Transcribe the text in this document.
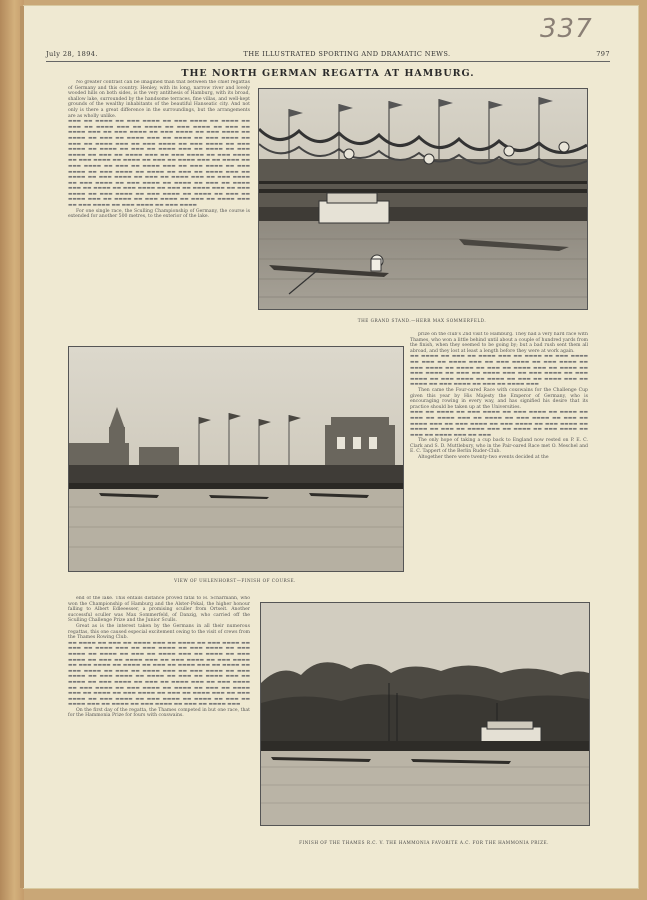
337
July 28, 1894.	THE ILLUSTRATED SPORTING AND DRAMATIC NEWS.	797
THE NORTH GERMAN REGATTA AT HAMBURG.

No greater contrast can be imagined than that between the chief regattas of Germany and this country. Henley, with its long, narrow river and lovely wooded hills on both sides, is the very antithesis of Hamburg, with its broad, shallow lake, surrounded by the handsome terraces, fine villas, and well-kept grounds of the wealthy inhabitants of the beautiful Hanseatic city. And not only is there a great difference in the surroundings, but the arrangements are as wholly unlike.

▬▬▬ ▬▬ ▬▬▬▬ ▬▬ ▬▬▬ ▬▬▬▬ ▬▬ ▬▬▬ ▬▬▬▬ ▬▬ ▬▬▬▬ ▬▬ ▬▬▬ ▬▬ ▬▬▬▬ ▬▬▬ ▬▬ ▬▬▬▬ ▬▬ ▬▬▬ ▬▬▬▬ ▬▬ ▬▬▬ ▬▬ ▬▬▬▬ ▬▬▬ ▬▬ ▬▬▬ ▬▬▬▬ ▬▬ ▬▬▬ ▬▬▬▬ ▬▬ ▬▬▬ ▬▬▬▬ ▬▬ ▬▬▬▬ ▬▬ ▬▬▬ ▬▬ ▬▬▬▬ ▬▬▬ ▬▬ ▬▬▬▬ ▬▬ ▬▬▬ ▬▬▬▬ ▬▬ ▬▬▬ ▬▬ ▬▬▬▬ ▬▬▬ ▬▬ ▬▬▬ ▬▬▬▬ ▬▬ ▬▬▬ ▬▬▬▬ ▬▬ ▬▬▬ ▬▬▬▬ ▬▬ ▬▬▬▬ ▬▬ ▬▬▬ ▬▬ ▬▬▬▬ ▬▬▬ ▬▬ ▬▬▬▬ ▬▬ ▬▬▬ ▬▬▬▬ ▬▬ ▬▬▬ ▬▬ ▬▬▬▬ ▬▬▬ ▬▬ ▬▬▬ ▬▬▬▬ ▬▬ ▬▬▬ ▬▬▬▬ ▬▬ ▬▬▬ ▬▬▬▬ ▬▬ ▬▬▬▬ ▬▬ ▬▬▬ ▬▬ ▬▬▬▬ ▬▬▬ ▬▬ ▬▬▬▬ ▬▬ ▬▬▬ ▬▬▬▬ ▬▬ ▬▬▬ ▬▬ ▬▬▬▬ ▬▬▬ ▬▬ ▬▬▬ ▬▬▬▬ ▬▬ ▬▬▬ ▬▬▬▬ ▬▬ ▬▬▬ ▬▬▬▬ ▬▬ ▬▬▬▬ ▬▬ ▬▬▬ ▬▬ ▬▬▬▬ ▬▬▬ ▬▬ ▬▬▬▬ ▬▬ ▬▬▬ ▬▬▬▬ ▬▬ ▬▬▬ ▬▬ ▬▬▬▬ ▬▬▬ ▬▬ ▬▬▬ ▬▬▬▬ ▬▬ ▬▬▬ ▬▬▬▬ ▬▬ ▬▬▬ ▬▬▬▬ ▬▬ ▬▬▬▬ ▬▬ ▬▬▬ ▬▬ ▬▬▬▬ ▬▬▬ ▬▬ ▬▬▬▬ ▬▬ ▬▬▬ ▬▬▬▬ ▬▬ ▬▬▬ ▬▬ ▬▬▬▬ ▬▬▬ ▬▬ ▬▬▬ ▬▬▬▬ ▬▬ ▬▬▬ ▬▬▬▬ ▬▬ ▬▬▬ ▬▬▬▬ ▬▬ ▬▬▬▬ ▬▬ ▬▬▬ ▬▬ ▬▬▬▬ ▬▬▬ ▬▬ ▬▬▬▬ ▬▬ ▬▬▬ ▬▬▬▬ ▬▬ ▬▬▬ ▬▬ ▬▬▬▬ ▬▬▬ ▬▬ ▬▬▬ ▬▬▬▬ ▬▬ ▬▬▬ ▬▬▬▬ ▬▬ ▬▬▬ ▬▬▬▬

For one single race, the Sculling Championship of Germany, the course is extended for another 500 metres, to the exterior of the lake.

THE GRAND STAND.—HERR MAX SOMMERFELD.
VIEW OF UHLENHORST—FINISH OF COURSE.

prize on the club's 2nd visit to Hamburg. They had a very hard race with Thames, who won a little behind until about a couple of hundred yards from the finish, when they seemed to be going by; but a bad rush sent them all abroad, and they lost at least a length before they were at work again.

▬▬ ▬▬▬▬ ▬▬ ▬▬▬ ▬▬ ▬▬▬▬ ▬▬▬ ▬▬ ▬▬▬▬ ▬▬ ▬▬▬ ▬▬▬▬ ▬▬ ▬▬▬ ▬▬ ▬▬▬▬ ▬▬▬ ▬▬ ▬▬▬ ▬▬▬▬ ▬▬ ▬▬▬ ▬▬▬▬ ▬▬ ▬▬▬ ▬▬▬▬ ▬▬ ▬▬▬▬ ▬▬ ▬▬▬ ▬▬ ▬▬▬▬ ▬▬▬ ▬▬ ▬▬▬▬ ▬▬ ▬▬▬ ▬▬▬▬ ▬▬ ▬▬▬ ▬▬ ▬▬▬▬ ▬▬▬ ▬▬ ▬▬▬ ▬▬▬▬ ▬▬ ▬▬▬ ▬▬▬▬ ▬▬ ▬▬▬ ▬▬▬▬ ▬▬ ▬▬▬▬ ▬▬ ▬▬▬ ▬▬ ▬▬▬▬ ▬▬▬ ▬▬ ▬▬▬▬ ▬▬ ▬▬▬ ▬▬▬▬ ▬▬ ▬▬▬ ▬▬ ▬▬▬▬ ▬▬▬

Then came the Four-oared Race with coxswains for the Challenge Cup given this year by His Majesty the Emperor of Germany, who is encouraging rowing in every way, and has signified his desire that its practice should be taken up at the Universities.

▬▬▬ ▬▬ ▬▬▬▬ ▬▬ ▬▬▬ ▬▬▬▬ ▬▬ ▬▬▬ ▬▬▬▬ ▬▬ ▬▬▬▬ ▬▬ ▬▬▬ ▬▬ ▬▬▬▬ ▬▬▬ ▬▬ ▬▬▬▬ ▬▬ ▬▬▬ ▬▬▬▬ ▬▬ ▬▬▬ ▬▬ ▬▬▬▬ ▬▬▬ ▬▬ ▬▬▬ ▬▬▬▬ ▬▬ ▬▬▬ ▬▬▬▬ ▬▬ ▬▬▬ ▬▬▬▬ ▬▬ ▬▬▬▬ ▬▬ ▬▬▬ ▬▬ ▬▬▬▬ ▬▬▬ ▬▬ ▬▬▬▬ ▬▬ ▬▬▬ ▬▬▬▬ ▬▬ ▬▬▬ ▬▬ ▬▬▬▬ ▬▬▬ ▬▬ ▬▬▬

The only hope of taking a cup back to England now rested on P. E. C. Clark and S. D. Muttlebury, who in the Pair-oared Race met O. Meschel and E. C. Tappert of the Berlin Ruder-Club.

Altogether there were twenty-two events decided at the

end of the lake. This entails distance proved fatal to H. Scharmann, who won the Championship of Hamburg and the Alster-Pokal, the higher honour falling to Albert Edleeesser, a promising sculler from Ortseit. Another successful sculler was Max Sommerfeld, of Danzig, who carried off the Sculling Challenge Prize and the Junior Sculls.

Great as is the interest taken by the Germans in all their numerous regattas, this one caused especial excitement owing to the visit of crews from the Thames Rowing Club.

▬▬ ▬▬▬▬ ▬▬ ▬▬▬ ▬▬ ▬▬▬▬ ▬▬▬ ▬▬ ▬▬▬▬ ▬▬ ▬▬▬ ▬▬▬▬ ▬▬ ▬▬▬ ▬▬ ▬▬▬▬ ▬▬▬ ▬▬ ▬▬▬ ▬▬▬▬ ▬▬ ▬▬▬ ▬▬▬▬ ▬▬ ▬▬▬ ▬▬▬▬ ▬▬ ▬▬▬▬ ▬▬ ▬▬▬ ▬▬ ▬▬▬▬ ▬▬▬ ▬▬ ▬▬▬▬ ▬▬ ▬▬▬ ▬▬▬▬ ▬▬ ▬▬▬ ▬▬ ▬▬▬▬ ▬▬▬ ▬▬ ▬▬▬ ▬▬▬▬ ▬▬ ▬▬▬ ▬▬▬▬ ▬▬ ▬▬▬ ▬▬▬▬ ▬▬ ▬▬▬▬ ▬▬ ▬▬▬ ▬▬ ▬▬▬▬ ▬▬▬ ▬▬ ▬▬▬▬ ▬▬ ▬▬▬ ▬▬▬▬ ▬▬ ▬▬▬ ▬▬ ▬▬▬▬ ▬▬▬ ▬▬ ▬▬▬ ▬▬▬▬ ▬▬ ▬▬▬ ▬▬▬▬ ▬▬ ▬▬▬ ▬▬▬▬ ▬▬ ▬▬▬▬ ▬▬ ▬▬▬ ▬▬ ▬▬▬▬ ▬▬▬ ▬▬ ▬▬▬▬ ▬▬ ▬▬▬ ▬▬▬▬ ▬▬ ▬▬▬ ▬▬ ▬▬▬▬ ▬▬▬ ▬▬ ▬▬▬ ▬▬▬▬ ▬▬ ▬▬▬ ▬▬▬▬ ▬▬ ▬▬▬ ▬▬▬▬ ▬▬ ▬▬▬▬ ▬▬ ▬▬▬ ▬▬ ▬▬▬▬ ▬▬▬ ▬▬ ▬▬▬▬ ▬▬ ▬▬▬ ▬▬▬▬ ▬▬ ▬▬▬ ▬▬ ▬▬▬▬ ▬▬▬ ▬▬ ▬▬▬ ▬▬▬▬ ▬▬ ▬▬▬ ▬▬▬▬ ▬▬ ▬▬▬ ▬▬▬▬ ▬▬ ▬▬▬▬ ▬▬ ▬▬▬ ▬▬ ▬▬▬▬ ▬▬▬ ▬▬ ▬▬▬▬ ▬▬ ▬▬▬ ▬▬▬▬ ▬▬ ▬▬▬ ▬▬ ▬▬▬▬ ▬▬▬

On the first day of the regatta, the Thames competed in but one race, that for the Hammonia Prize for fours with coxswains.

FINISH OF THE THAMES R.C. V. THE HAMMONIA FAVORITE A.C. FOR THE HAMMONIA PRIZE.
